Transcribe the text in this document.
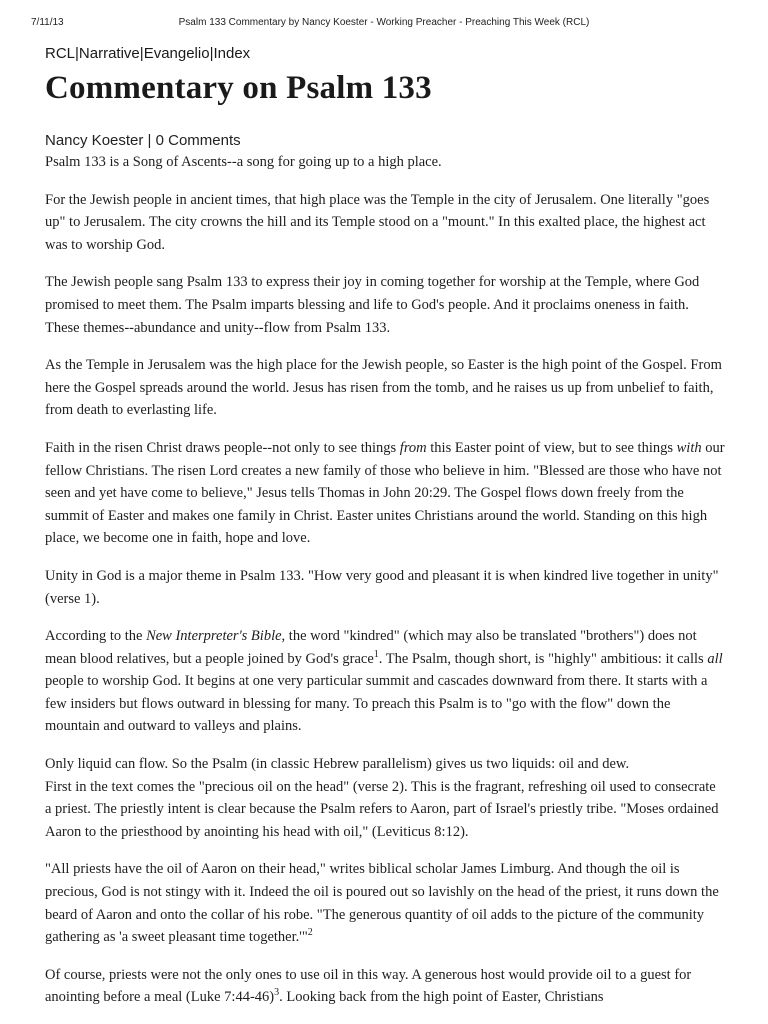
7/11/13	Psalm 133 Commentary by Nancy Koester - Working Preacher - Preaching This Week (RCL)
RCL|Narrative|Evangelio|Index
Commentary on Psalm 133
Nancy Koester | 0 Comments

Psalm 133 is a Song of Ascents--a song for going up to a high place.

For the Jewish people in ancient times, that high place was the Temple in the city of Jerusalem. One literally "goes up" to Jerusalem. The city crowns the hill and its Temple stood on a "mount." In this exalted place, the highest act was to worship God.

The Jewish people sang Psalm 133 to express their joy in coming together for worship at the Temple, where God promised to meet them. The Psalm imparts blessing and life to God's people. And it proclaims oneness in faith. These themes--abundance and unity--flow from Psalm 133.

As the Temple in Jerusalem was the high place for the Jewish people, so Easter is the high point of the Gospel. From here the Gospel spreads around the world. Jesus has risen from the tomb, and he raises us up from unbelief to faith, from death to everlasting life.

Faith in the risen Christ draws people--not only to see things from this Easter point of view, but to see things with our fellow Christians. The risen Lord creates a new family of those who believe in him. "Blessed are those who have not seen and yet have come to believe," Jesus tells Thomas in John 20:29. The Gospel flows down freely from the summit of Easter and makes one family in Christ. Easter unites Christians around the world. Standing on this high place, we become one in faith, hope and love.

Unity in God is a major theme in Psalm 133. "How very good and pleasant it is when kindred live together in unity" (verse 1).

According to the New Interpreter's Bible, the word "kindred" (which may also be translated "brothers") does not mean blood relatives, but a people joined by God's grace$^1$. The Psalm, though short, is "highly" ambitious: it calls all people to worship God. It begins at one very particular summit and cascades downward from there. It starts with a few insiders but flows outward in blessing for many. To preach this Psalm is to "go with the flow" down the mountain and outward to valleys and plains.

Only liquid can flow. So the Psalm (in classic Hebrew parallelism) gives us two liquids: oil and dew.
First in the text comes the "precious oil on the head" (verse 2). This is the fragrant, refreshing oil used to consecrate a priest. The priestly intent is clear because the Psalm refers to Aaron, part of Israel's priestly tribe. "Moses ordained Aaron to the priesthood by anointing his head with oil," (Leviticus 8:12).

"All priests have the oil of Aaron on their head," writes biblical scholar James Limburg. And though the oil is precious, God is not stingy with it. Indeed the oil is poured out so lavishly on the head of the priest, it runs down the beard of Aaron and onto the collar of his robe. "The generous quantity of oil adds to the picture of the community gathering as 'a sweet pleasant time together.'"$^2$

Of course, priests were not the only ones to use oil in this way. A generous host would provide oil to a guest for anointing before a meal (Luke 7:44-46)$^3$. Looking back from the high point of Easter, Christians
